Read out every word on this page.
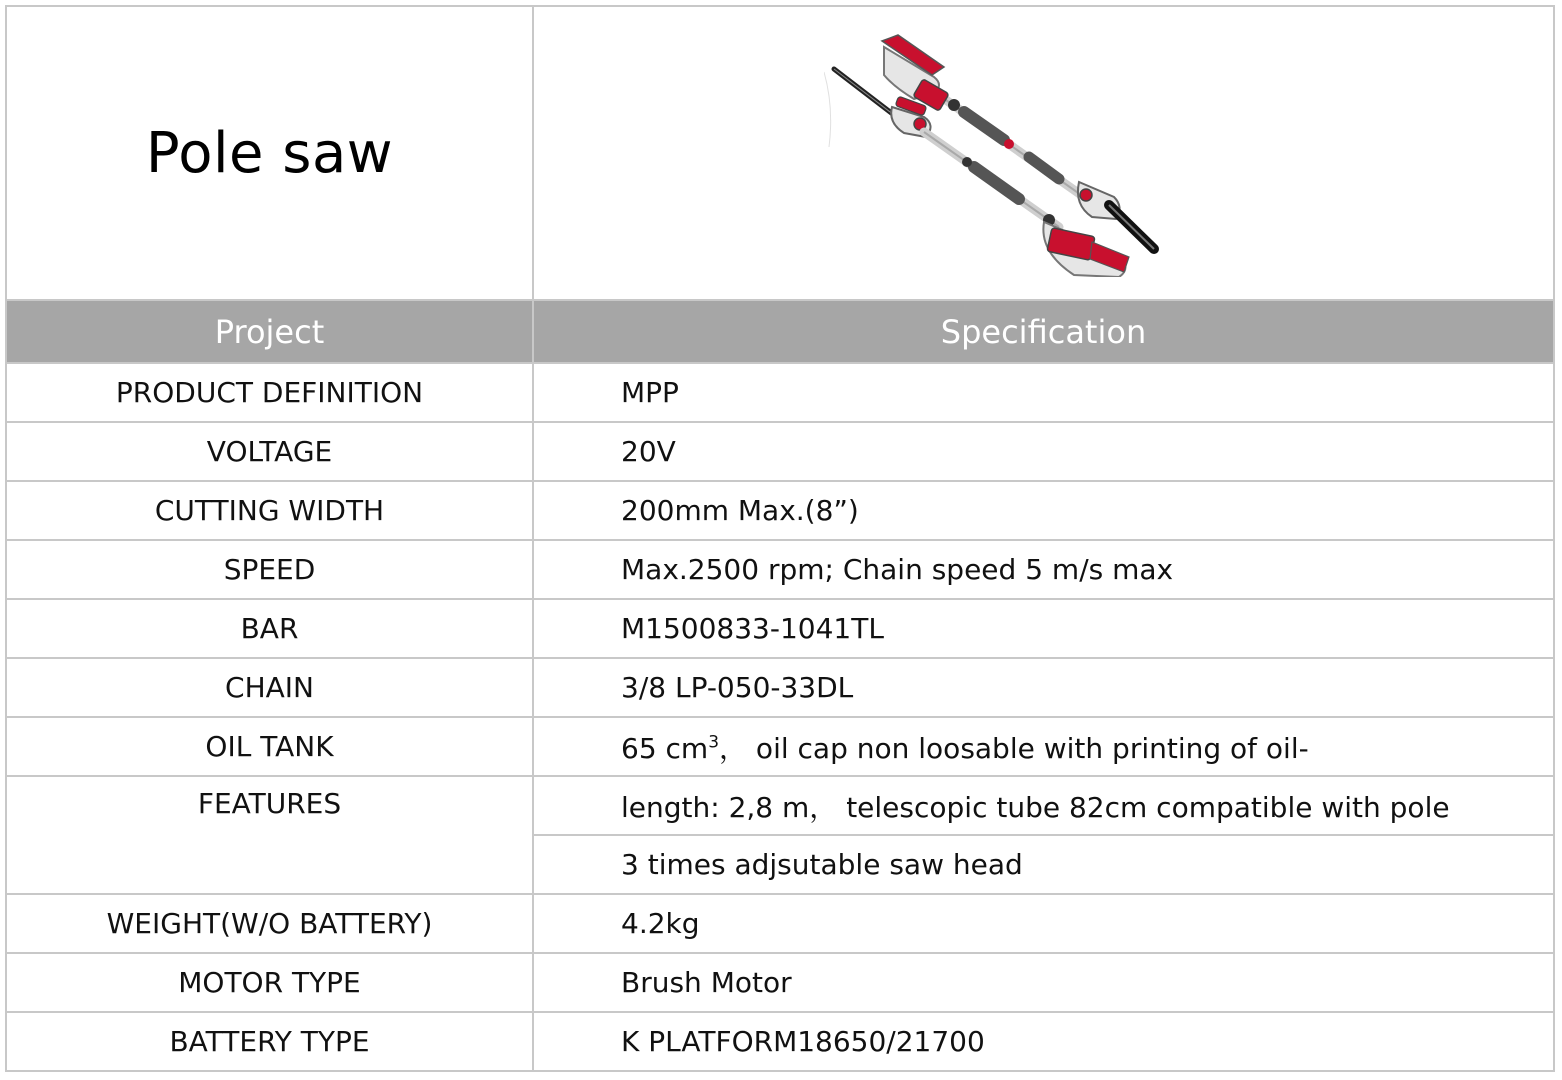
Pole saw	

Project	Specification
PRODUCT DEFINITION	MPP
VOLTAGE	20V
CUTTING WIDTH	200mm Max.(8”)
SPEED	Max.2500 rpm; Chain speed 5 m/s max
BAR	M1500833-1041TL
CHAIN	3/8 LP-050-33DL
OIL TANK	65 $cm^3$， oil cap non loosable with printing of oil-
FEATURES	length: 2,8 m， telescopic tube 82cm compatible with pole
	3 times adjsutable saw head
WEIGHT(W/O BATTERY)	4.2kg
MOTOR TYPE	Brush Motor
BATTERY TYPE	K PLATFORM18650/21700
